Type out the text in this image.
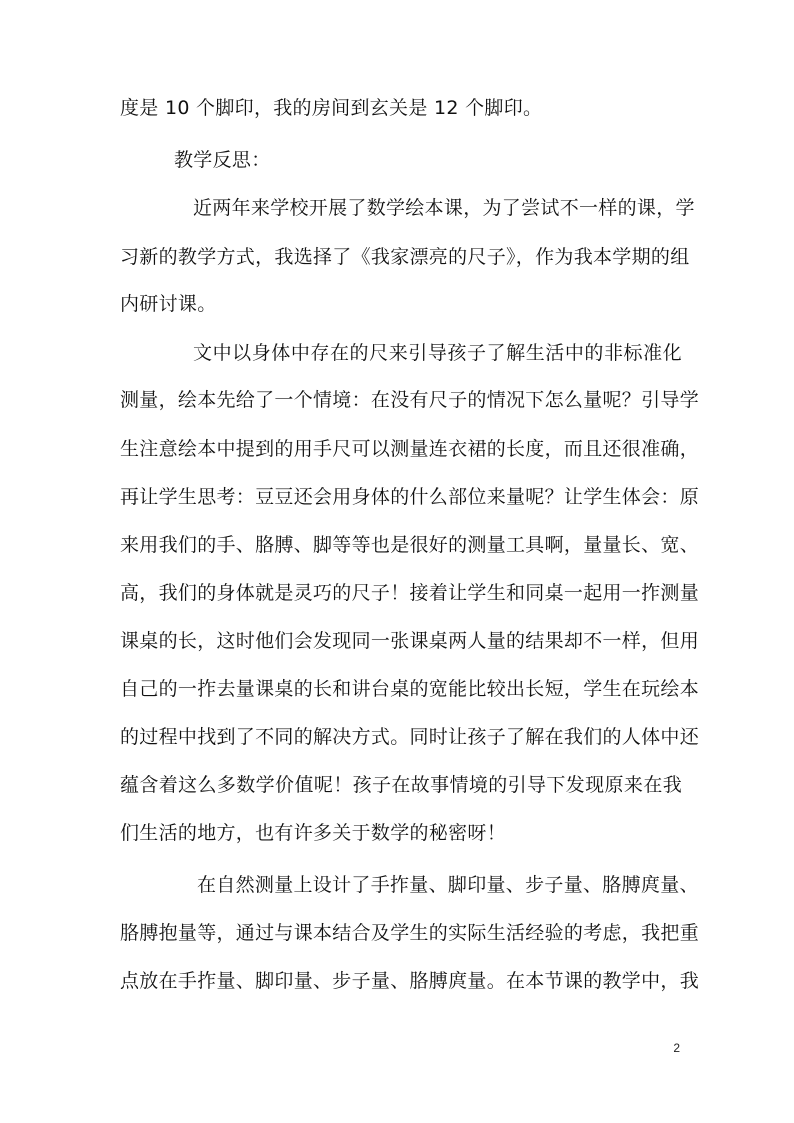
度是 10 个脚印，我的房间到玄关是 12 个脚印。
教学反思：
近两年来学校开展了数学绘本课，为了尝试不一样的课，学
习新的教学方式，我选择了《我家漂亮的尺子》，作为我本学期的组
内研讨课。
文中以身体中存在的尺来引导孩子了解生活中的非标准化
测量，绘本先给了一个情境：在没有尺子的情况下怎么量呢？引导学
生注意绘本中提到的用手尺可以测量连衣裙的长度，而且还很准确，
再让学生思考：豆豆还会用身体的什么部位来量呢？让学生体会：原
来用我们的手、胳膊、脚等等也是很好的测量工具啊，量量长、宽、
高，我们的身体就是灵巧的尺子！接着让学生和同桌一起用一拃测量
课桌的长，这时他们会发现同一张课桌两人量的结果却不一样，但用
自己的一拃去量课桌的长和讲台桌的宽能比较出长短，学生在玩绘本
的过程中找到了不同的解决方式。同时让孩子了解在我们的人体中还
蕴含着这么多数学价值呢！孩子在故事情境的引导下发现原来在我
们生活的地方，也有许多关于数学的秘密呀！
在自然测量上设计了手拃量、脚印量、步子量、胳膊庹量、
胳膊抱量等，通过与课本结合及学生的实际生活经验的考虑，我把重
点放在手拃量、脚印量、步子量、胳膊庹量。在本节课的教学中，我
2
